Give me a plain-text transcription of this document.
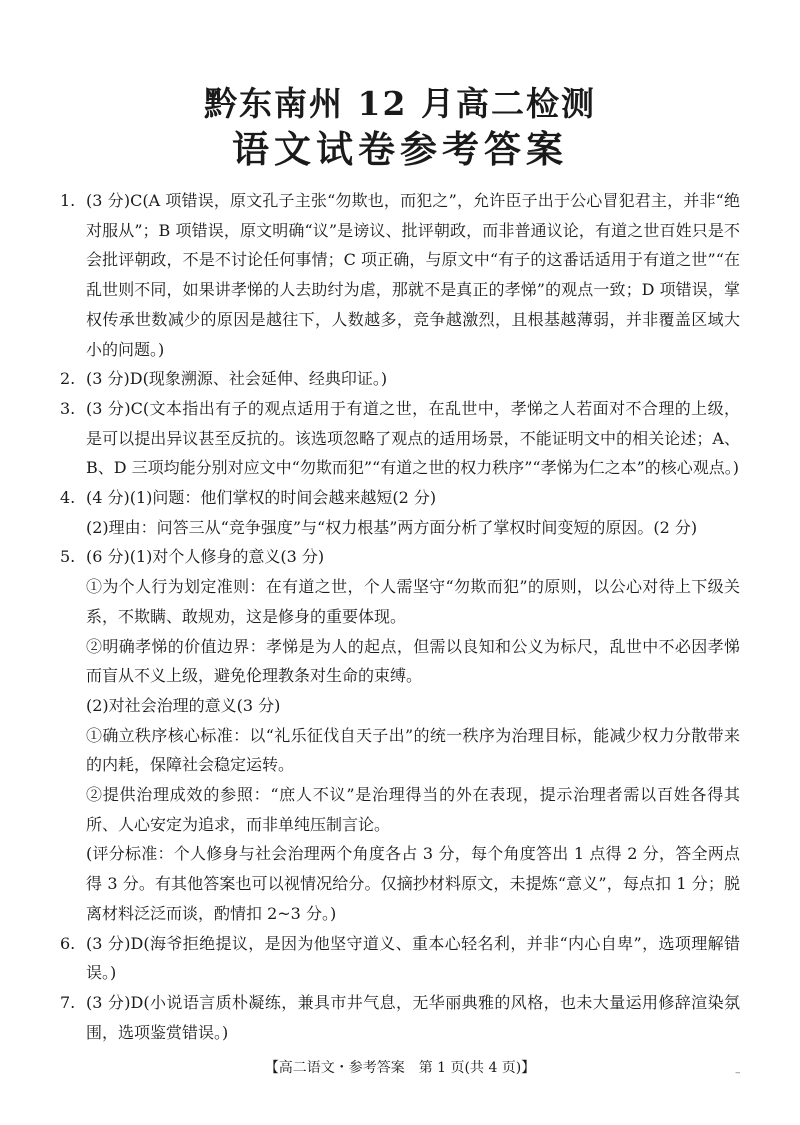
黔东南州 12 月高二检测
语文试卷参考答案
1. (3 分)C(A 项错误，原文孔子主张“勿欺也，而犯之”，允许臣子出于公心冒犯君主，并非“绝对服从”；B 项错误，原文明确“议”是谤议、批评朝政，而非普通议论，有道之世百姓只是不会批评朝政，不是不讨论任何事情；C 项正确，与原文中“有子的这番话适用于有道之世”“在乱世则不同，如果讲孝悌的人去助纣为虐，那就不是真正的孝悌”的观点一致；D 项错误，掌权传承世数减少的原因是越往下，人数越多，竞争越激烈，且根基越薄弱，并非覆盖区域大小的问题。)
2. (3 分)D(现象溯源、社会延伸、经典印证。)
3. (3 分)C(文本指出有子的观点适用于有道之世，在乱世中，孝悌之人若面对不合理的上级，是可以提出异议甚至反抗的。该选项忽略了观点的适用场景，不能证明文中的相关论述；A、B、D 三项均能分别对应文中“勿欺而犯”“有道之世的权力秩序”“孝悌为仁之本”的核心观点。)
4. (4 分)(1)问题：他们掌权的时间会越来越短(2 分)
(2)理由：问答三从“竞争强度”与“权力根基”两方面分析了掌权时间变短的原因。(2 分)
5. (6 分)(1)对个人修身的意义(3 分)
①为个人行为划定准则：在有道之世，个人需坚守“勿欺而犯”的原则，以公心对待上下级关系，不欺瞒、敢规劝，这是修身的重要体现。
②明确孝悌的价值边界：孝悌是为人的起点，但需以良知和公义为标尺，乱世中不必因孝悌而盲从不义上级，避免伦理教条对生命的束缚。
(2)对社会治理的意义(3 分)
①确立秩序核心标准：以“礼乐征伐自天子出”的统一秩序为治理目标，能减少权力分散带来的内耗，保障社会稳定运转。
②提供治理成效的参照：“庶人不议”是治理得当的外在表现，提示治理者需以百姓各得其所、人心安定为追求，而非单纯压制言论。
(评分标准：个人修身与社会治理两个角度各占 3 分，每个角度答出 1 点得 2 分，答全两点得 3 分。有其他答案也可以视情况给分。仅摘抄材料原文，未提炼“意义”，每点扣 1 分；脱离材料泛泛而谈，酌情扣 2~3 分。)
6. (3 分)D(海爷拒绝提议，是因为他坚守道义、重本心轻名利，并非“内心自卑”，选项理解错误。)
7. (3 分)D(小说语言质朴凝练，兼具市井气息，无华丽典雅的风格，也未大量运用修辞渲染氛围，选项鉴赏错误。)
【高二语文・参考答案　第 1 页(共 4 页)】	–
